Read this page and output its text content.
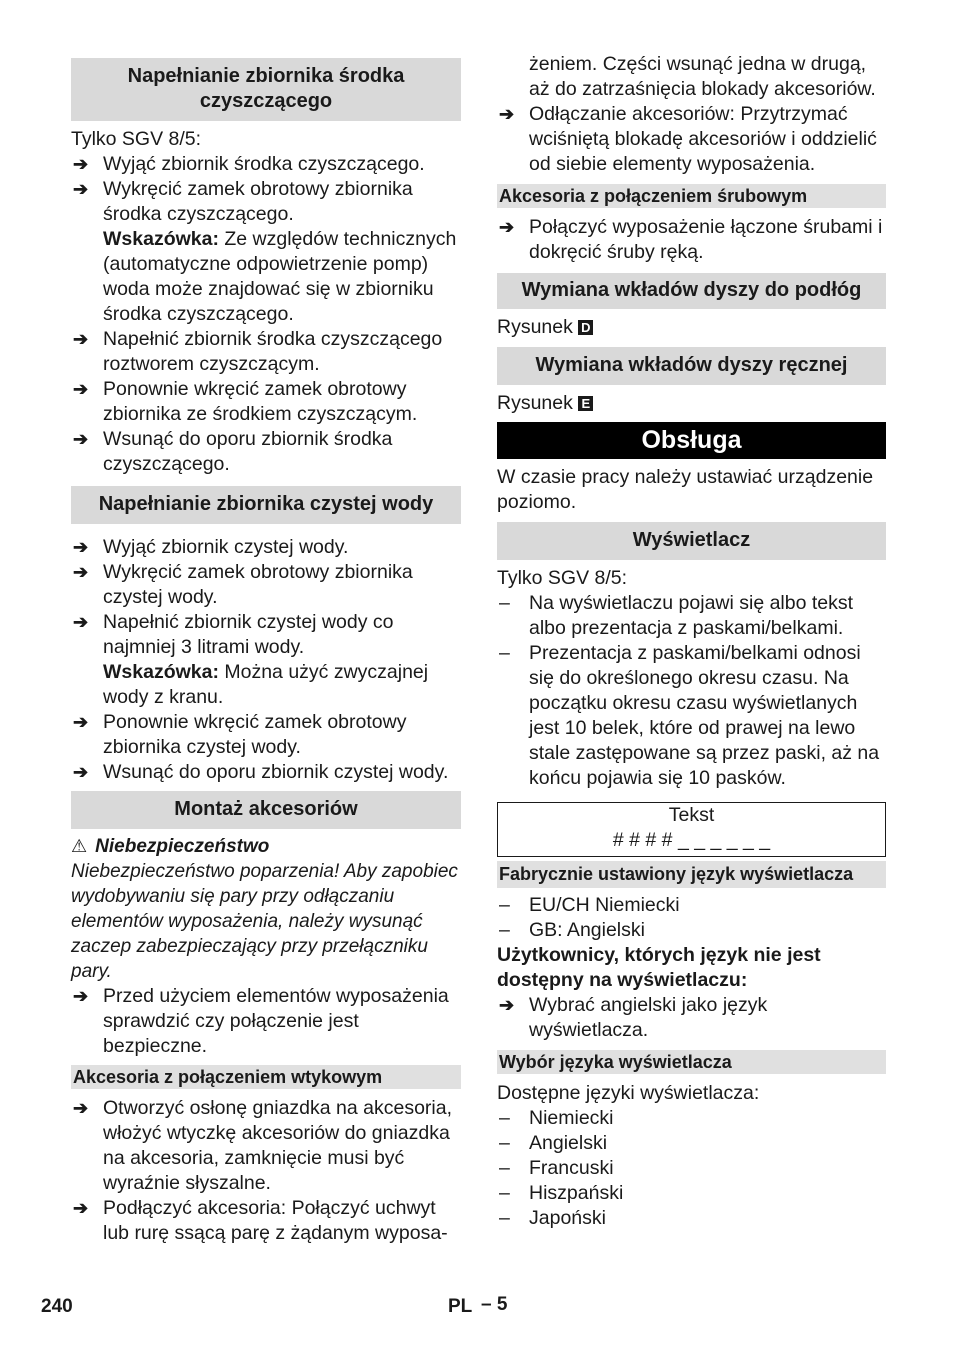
Napełnianie zbiornika środka czyszczącego

Tylko SGV 8/5:

➔ Wyjąć zbiornik środka czyszczącego.
➔ Wykręcić zamek obrotowy zbiornika środka czyszczącego.
Wskazówka: Ze względów technicznych (automatyczne odpowietrzenie pomp) woda może znajdować się w zbiorniku środka czyszczącego.
➔ Napełnić zbiornik środka czyszczącego roztworem czyszczącym.
➔ Ponownie wkręcić zamek obrotowy zbiornika ze środkiem czyszczącym.
➔ Wsunąć do oporu zbiornik środka czyszczącego.
Napełnianie zbiornika czystej wody
➔ Wyjąć zbiornik czystej wody.
➔ Wykręcić zamek obrotowy zbiornika czystej wody.
➔ Napełnić zbiornik czystej wody co najmniej 3 litrami wody.
Wskazówka: Można użyć zwyczajnej wody z kranu.
➔ Ponownie wkręcić zamek obrotowy zbiornika czystej wody.
➔ Wsunąć do oporu zbiornik czystej wody.
Montaż akcesoriów
⚠ Niebezpieczeństwo
Niebezpieczeństwo poparzenia! Aby zapobiec wydobywaniu się pary przy odłączaniu elementów wyposażenia, należy wysunąć zaczep zabezpieczający przy przełączniku pary.
➔ Przed użyciem elementów wyposażenia sprawdzić czy połączenie jest bezpieczne.
Akcesoria z połączeniem wtykowym
➔ Otworzyć osłonę gniazdka na akcesoria, włożyć wtyczkę akcesoriów do gniazdka na akcesoria, zamknięcie musi być wyraźnie słyszalne.
➔ Podłączyć akcesoria: Połączyć uchwyt lub rurę ssącą parę z żądanym wyposa-
żeniem. Części wsunąć jedna w drugą, aż do zatrzaśnięcia blokady akcesoriów.
➔ Odłączanie akcesoriów: Przytrzymać wciśniętą blokadę akcesoriów i oddzielić od siebie elementy wyposażenia.
Akcesoria z połączeniem śrubowym
➔ Połączyć wyposażenie łączone śrubami i dokręcić śruby ręką.
Wymiana wkładów dyszy do podłóg

Rysunek D

Wymiana wkładów dyszy ręcznej

Rysunek E

Obsługa

W czasie pracy należy ustawiać urządzenie poziomo.

Wyświetlacz

Tylko SGV 8/5:

– Na wyświetlaczu pojawi się albo tekst albo prezentacja z paskami/belkami.
– Prezentacja z paskami/belkami odnosi się do określonego okresu czasu. Na początku okresu czasu wyświetlanych jest 10 belek, które od prawej na lewo stale zastępowane są przez paski, aż na końcu pojawia się 10 pasków.
Tekst
# # # # _ _ _ _ _ _
Fabrycznie ustawiony język wyświetlacza
– EU/CH Niemiecki
– GB: Angielski

Użytkownicy, których język nie jest dostępny na wyświetlaczu:

➔ Wybrać angielski jako język wyświetlacza.
Wybór języka wyświetlacza

Dostępne języki wyświetlacza:

– Niemiecki
– Angielski
– Francuski
– Hiszpański
– Japoński
240	PL – 5
